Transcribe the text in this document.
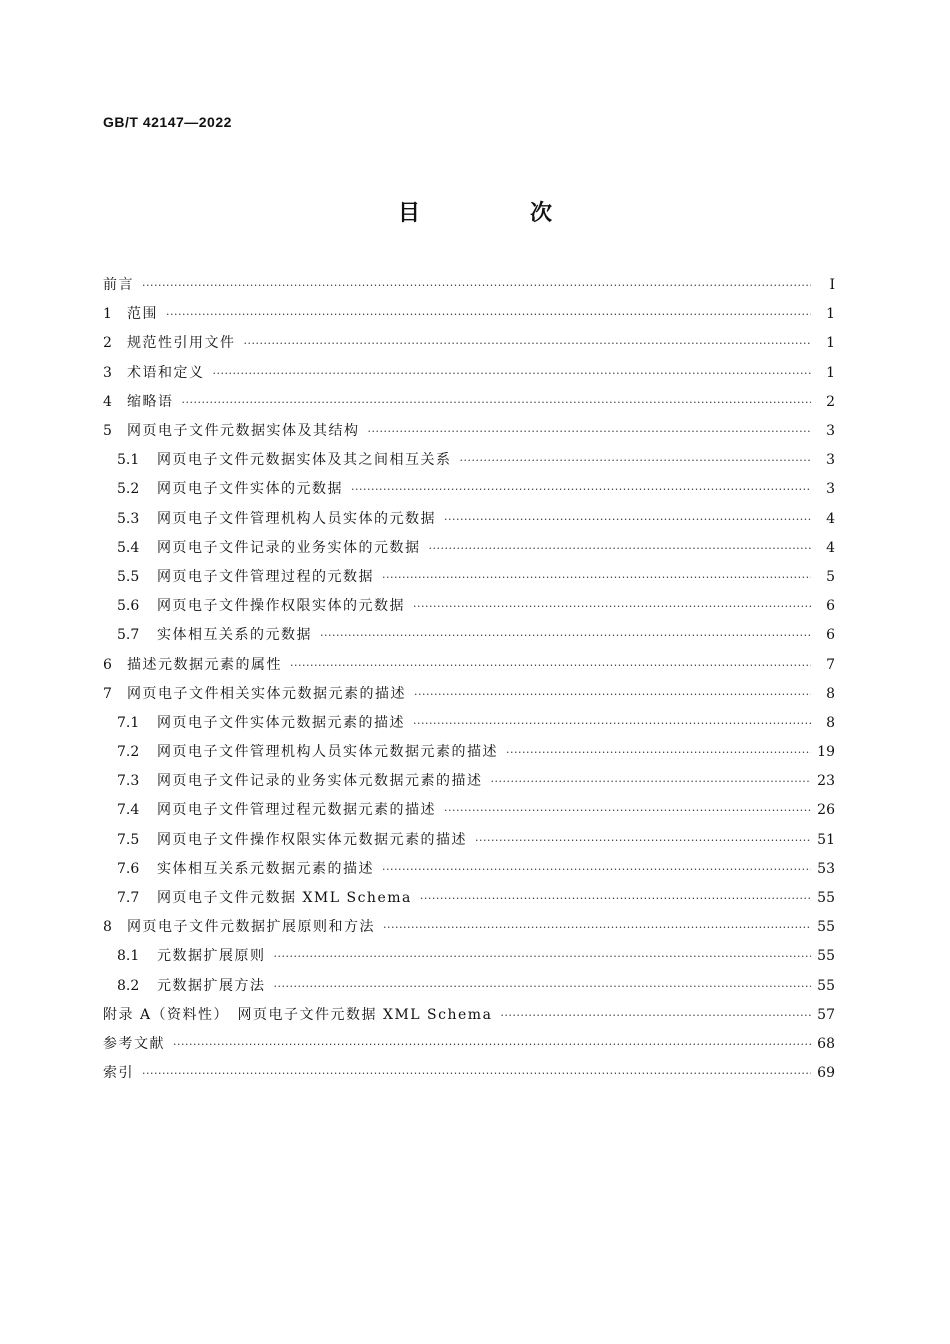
GB/T 42147—2022
目　次
前言 ·····	Ⅰ
1	范围 ·····	1
2	规范性引用文件 ·····	1
3	术语和定义 ·····	1
4	缩略语 ·····	2
5	网页电子文件元数据实体及其结构 ·····	3
5.1	网页电子文件元数据实体及其之间相互关系 ·····	3
5.2	网页电子文件实体的元数据 ·····	3
5.3	网页电子文件管理机构人员实体的元数据 ·····	4
5.4	网页电子文件记录的业务实体的元数据 ·····	4
5.5	网页电子文件管理过程的元数据 ·····	5
5.6	网页电子文件操作权限实体的元数据 ·····	6
5.7	实体相互关系的元数据 ·····	6
6	描述元数据元素的属性 ·····	7
7	网页电子文件相关实体元数据元素的描述 ·····	8
7.1	网页电子文件实体元数据元素的描述 ·····	8
7.2	网页电子文件管理机构人员实体元数据元素的描述 ·····	19
7.3	网页电子文件记录的业务实体元数据元素的描述 ·····	23
7.4	网页电子文件管理过程元数据元素的描述 ·····	26
7.5	网页电子文件操作权限实体元数据元素的描述 ·····	51
7.6	实体相互关系元数据元素的描述 ·····	53
7.7	网页电子文件元数据 XML Schema ·····	55
8	网页电子文件元数据扩展原则和方法 ·····	55
8.1	元数据扩展原则 ·····	55
8.2	元数据扩展方法 ·····	55
附录 A（资料性）　网页电子文件元数据 XML Schema ·····	57
参考文献 ·····	68
索引 ·····	69
